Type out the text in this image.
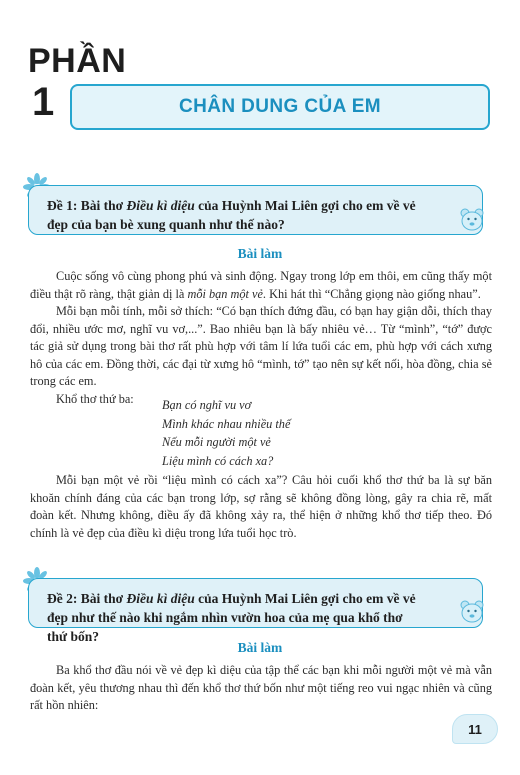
PHẦN
1	CHÂN DUNG CỦA EM

Đề 1: Bài thơ Điều kì diệu của Huỳnh Mai Liên gợi cho em về vẻ đẹp của bạn bè xung quanh như thế nào?

Bài làm

Cuộc sống vô cùng phong phú và sinh động. Ngay trong lớp em thôi, em cũng thấy một điều thật rõ ràng, thật giản dị là mỗi bạn một vẻ. Khi hát thì “Chẳng giọng nào giống nhau”.

Mỗi bạn mỗi tính, mỗi sở thích: “Có bạn thích đứng đầu, có bạn hay giận dỗi, thích thay đổi, nhiều ước mơ, nghĩ vu vơ,...”. Bao nhiêu bạn là bấy nhiêu vẻ… Từ “mình”, “tớ” được tác giả sử dụng trong bài thơ rất phù hợp với tâm lí lứa tuổi các em, phù hợp với cách xưng hô của các em. Đồng thời, các đại từ xưng hô “mình, tớ” tạo nên sự kết nối, hòa đồng, chia sẻ trong các em.

Khổ thơ thứ ba:	Bạn có nghĩ vu vơ
Mình khác nhau nhiều thế
Nếu mỗi người một vẻ
Liệu mình có cách xa?

Mỗi bạn một vẻ rồi “liệu mình có cách xa”? Câu hỏi cuối khổ thơ thứ ba là sự băn khoăn chính đáng của các bạn trong lớp, sợ rằng sẽ không đồng lòng, gây ra chia rẽ, mất đoàn kết. Nhưng không, điều ấy đã không xảy ra, thể hiện ở những khổ thơ tiếp theo. Đó chính là vẻ đẹp của điều kì diệu trong lứa tuổi học trò.

Đề 2: Bài thơ Điều kì diệu của Huỳnh Mai Liên gợi cho em về vẻ đẹp như thế nào khi ngắm nhìn vườn hoa của mẹ qua khổ thơ thứ bốn?

Bài làm

Ba khổ thơ đầu nói về vẻ đẹp kì diệu của tập thể các bạn khi mỗi người một vẻ mà vẫn đoàn kết, yêu thương nhau thì đến khổ thơ thứ bốn như một tiếng reo vui ngạc nhiên và cũng rất hồn nhiên:

11
